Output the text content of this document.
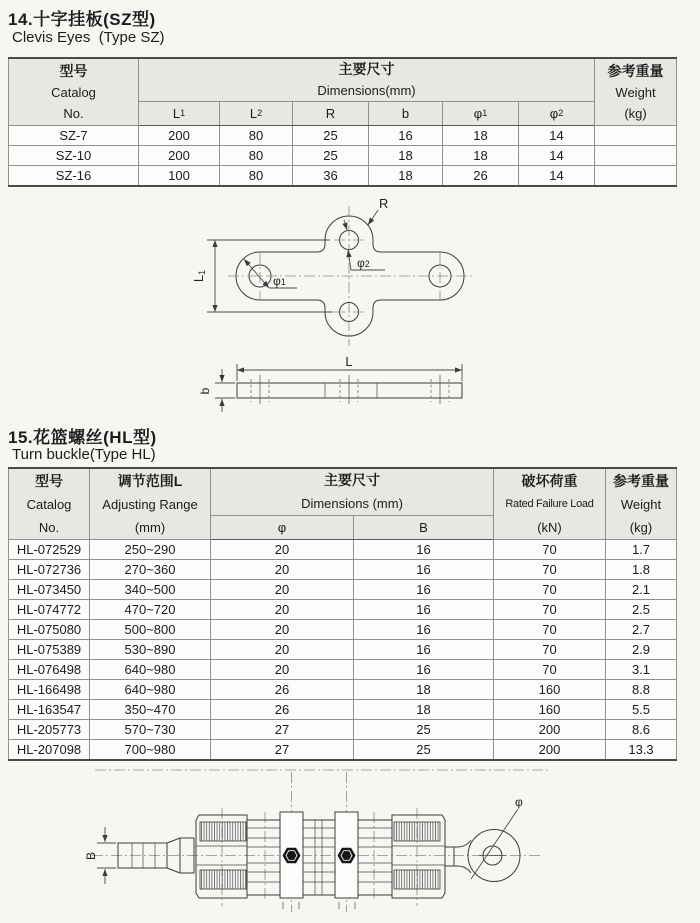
14.十字挂板(SZ型)
Clevis Eyes  (Type SZ)
型号
Catalog
No.

主要尺寸
Dimensions(mm)

参考重量
Weight
(kg)

	L1	L2	R	b	φ1	φ2	
SZ-7	200	80	25	16	18	14	
SZ-10	200	80	25	18	18	14	
SZ-16	100	80	36	18	26	14	
L1
R
φ2
φ1
L
b
15.花篮螺丝(HL型)
Turn buckle(Type HL)
型号
Catalog
No.

调节范围L
Adjusting Range
(mm)

主要尺寸
Dimensions (mm)

破坏荷重
Rated Failure Load
(kN)

参考重量
Weight
(kg)

		φ	B		
HL-072529	250~290	20	16	70	1.7
HL-072736	270~360	20	16	70	1.8
HL-073450	340~500	20	16	70	2.1
HL-074772	470~720	20	16	70	2.5
HL-075080	500~800	20	16	70	2.7
HL-075389	530~890	20	16	70	2.9
HL-076498	640~980	20	16	70	3.1
HL-166498	640~980	26	18	160	8.8
HL-163547	350~470	26	18	160	5.5
HL-205773	570~730	27	25	200	8.6
HL-207098	700~980	27	25	200	13.3
φ
B
